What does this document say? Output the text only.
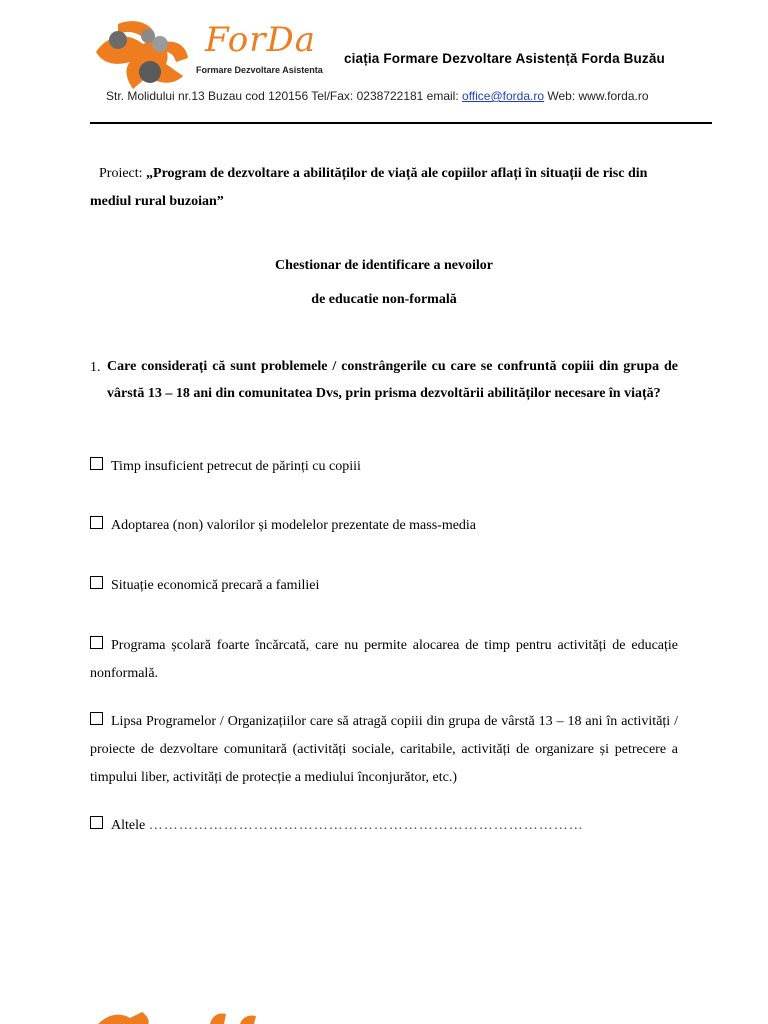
ForDa
Formare Dezvoltare Asistenta
ciația Formare Dezvoltare Asistență Forda Buzău
Str. Molidului nr.13 Buzau cod 120156 Tel/Fax: 0238722181 email: office@forda.ro Web: www.forda.ro
Proiect: „Program de dezvoltare a abilităților de viață ale copiilor aflați în situații de risc din mediul rural buzoian”
Chestionar de identificare a nevoilor
de educatie non-formală
1. Care considerați că sunt problemele / constrângerile cu care se confruntă copiii din grupa de vârstă 13 – 18 ani din comunitatea Dvs, prin prisma dezvoltării abilităților necesare în viață?
Timp insuficient petrecut de părinți cu copiii
Adoptarea (non) valorilor și modelelor prezentate de mass-media
Situație economică precară a familiei
Programa școlară foarte încărcată, care nu permite alocarea de timp pentru activități de educație nonformală.
Lipsa Programelor / Organizațiilor care să atragă copiii din grupa de vârstă 13 – 18 ani în activități / proiecte de dezvoltare comunitară (activități sociale, caritabile, activități de organizare și petrecere a timpului liber, activități de protecție a mediului înconjurător, etc.)
Altele ……………………………………………………………………………
